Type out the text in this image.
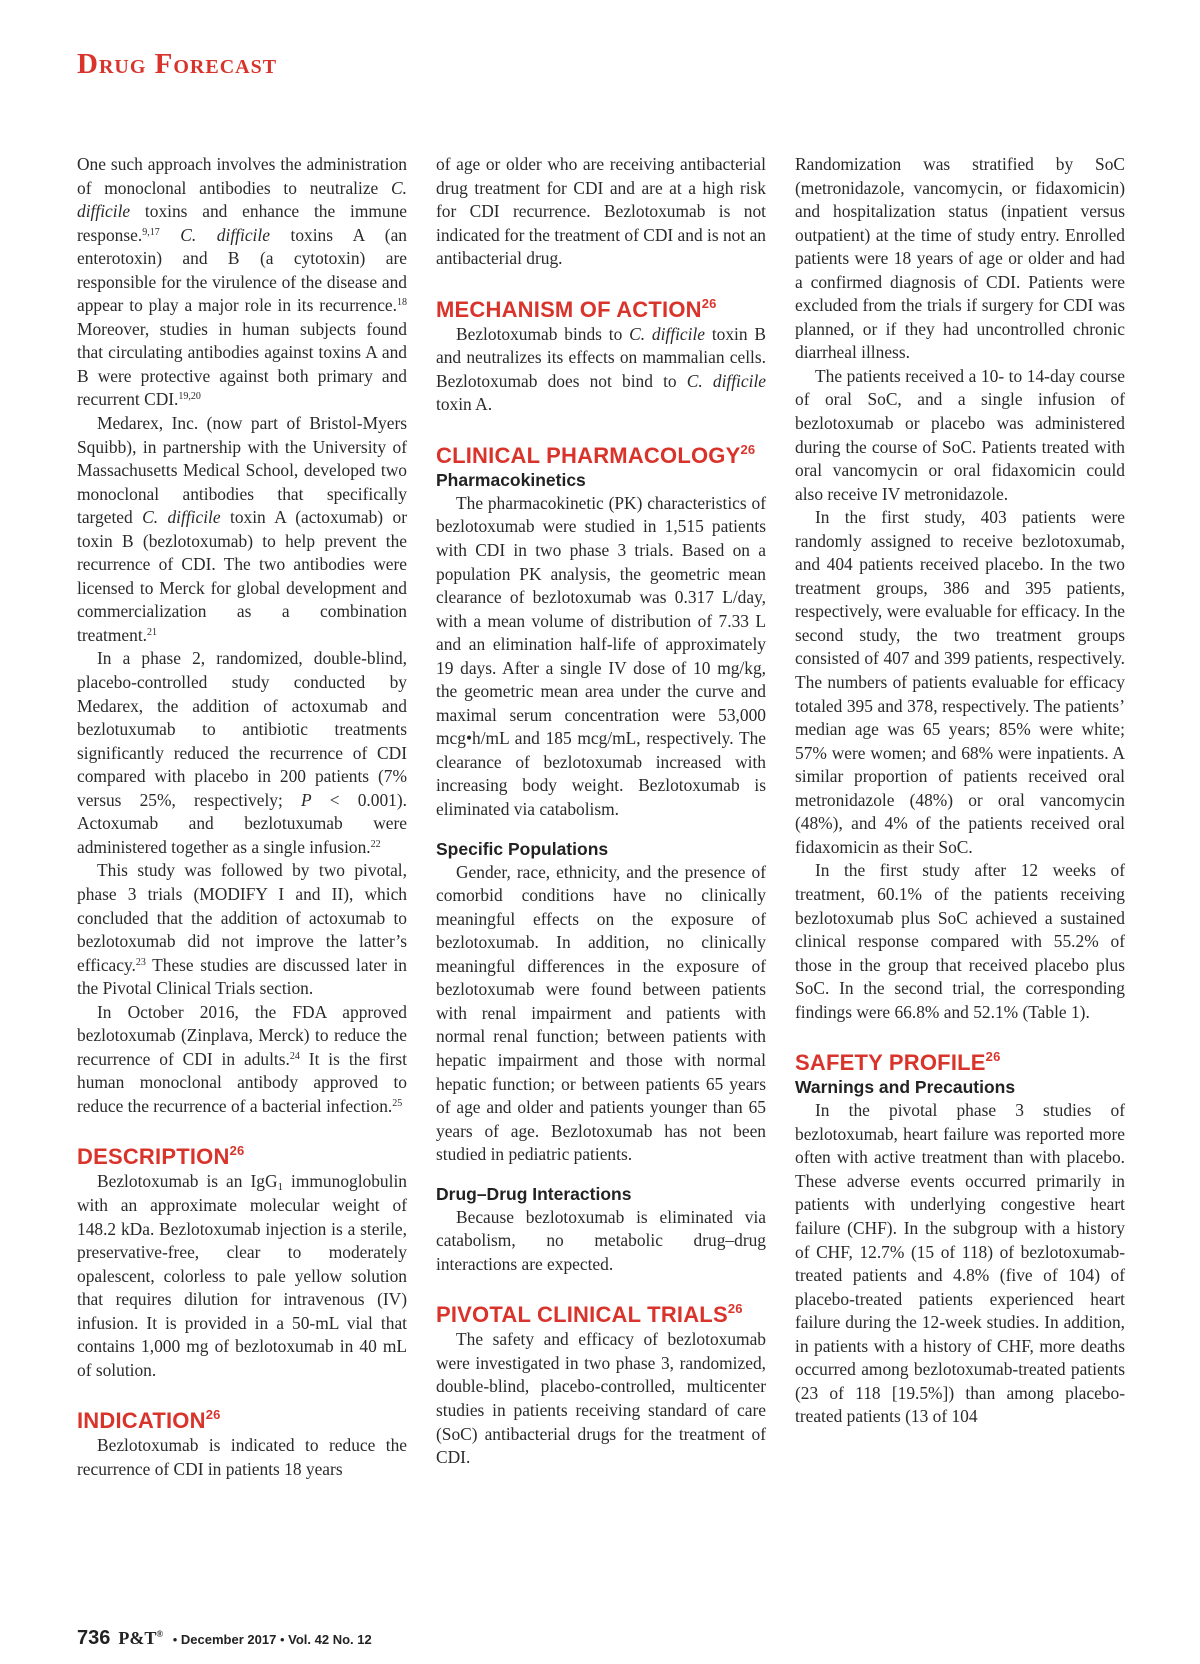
Drug Forecast

One such approach involves the administration of monoclonal antibodies to neutralize C. difficile toxins and enhance the immune response.$^{9,17}$ C. difficile toxins A (an enterotoxin) and B (a cytotoxin) are responsible for the virulence of the disease and appear to play a major role in its recurrence.$^{18}$ Moreover, studies in human subjects found that circulating antibodies against toxins A and B were protective against both primary and recurrent CDI.$^{19,20}$

Medarex, Inc. (now part of Bristol-Myers Squibb), in partnership with the University of Massachusetts Medical School, developed two monoclonal antibodies that specifically targeted C. difficile toxin A (actoxumab) or toxin B (bezlotoxumab) to help prevent the recurrence of CDI. The two antibodies were licensed to Merck for global development and commercialization as a combination treatment.$^{21}$

In a phase 2, randomized, double-blind, placebo-controlled study conducted by Medarex, the addition of actoxumab and bezlotuxumab to antibiotic treatments significantly reduced the recurrence of CDI compared with placebo in 200 patients (7% versus 25%, respectively; P < 0.001). Actoxumab and bezlotuxumab were administered together as a single infusion.$^{22}$

This study was followed by two pivotal, phase 3 trials (MODIFY I and II), which concluded that the addition of actoxumab to bezlotoxumab did not improve the latter’s efficacy.$^{23}$ These studies are discussed later in the Pivotal Clinical Trials section.

In October 2016, the FDA approved bezlotoxumab (Zinplava, Merck) to reduce the recurrence of CDI in adults.$^{24}$ It is the first human monoclonal antibody approved to reduce the recurrence of a bacterial infection.$^{25}$

DESCRIPTION$^{26}$

Bezlotoxumab is an IgG$_1$ immunoglobulin with an approximate molecular weight of 148.2 kDa. Bezlotoxumab injection is a sterile, preservative-free, clear to moderately opalescent, colorless to pale yellow solution that requires dilution for intravenous (IV) infusion. It is provided in a 50-mL vial that contains 1,000 mg of bezlotoxumab in 40 mL of solution.

INDICATION$^{26}$

Bezlotoxumab is indicated to reduce the recurrence of CDI in patients 18 years

of age or older who are receiving antibacterial drug treatment for CDI and are at a high risk for CDI recurrence. Bezlotoxumab is not indicated for the treatment of CDI and is not an antibacterial drug.

MECHANISM OF ACTION$^{26}$

Bezlotoxumab binds to C. difficile toxin B and neutralizes its effects on mammalian cells. Bezlotoxumab does not bind to C. difficile toxin A.

CLINICAL PHARMACOLOGY$^{26}$
Pharmacokinetics

The pharmacokinetic (PK) characteristics of bezlotoxumab were studied in 1,515 patients with CDI in two phase 3 trials. Based on a population PK analysis, the geometric mean clearance of bezlotoxumab was 0.317 L/day, with a mean volume of distribution of 7.33 L and an elimination half-life of approximately 19 days. After a single IV dose of 10 mg/kg, the geometric mean area under the curve and maximal serum concentration were 53,000 mcg•h/mL and 185 mcg/mL, respectively. The clearance of bezlotoxumab increased with increasing body weight. Bezlotoxumab is eliminated via catabolism.

Specific Populations

Gender, race, ethnicity, and the presence of comorbid conditions have no clinically meaningful effects on the exposure of bezlotoxumab. In addition, no clinically meaningful differences in the exposure of bezlotoxumab were found between patients with renal impairment and patients with normal renal function; between patients with hepatic impairment and those with normal hepatic function; or between patients 65 years of age and older and patients younger than 65 years of age. Bezlotoxumab has not been studied in pediatric patients.

Drug–Drug Interactions

Because bezlotoxumab is eliminated via catabolism, no metabolic drug–drug interactions are expected.

PIVOTAL CLINICAL TRIALS$^{26}$

The safety and efficacy of bezlotoxumab were investigated in two phase 3, randomized, double-blind, placebo-controlled, multicenter studies in patients receiving standard of care (SoC) antibacterial drugs for the treatment of CDI.

Randomization was stratified by SoC (metronidazole, vancomycin, or fidaxomicin) and hospitalization status (inpatient versus outpatient) at the time of study entry. Enrolled patients were 18 years of age or older and had a confirmed diagnosis of CDI. Patients were excluded from the trials if surgery for CDI was planned, or if they had uncontrolled chronic diarrheal illness.

The patients received a 10- to 14-day course of oral SoC, and a single infusion of bezlotoxumab or placebo was administered during the course of SoC. Patients treated with oral vancomycin or oral fidaxomicin could also receive IV metronidazole.

In the first study, 403 patients were randomly assigned to receive bezlotoxumab, and 404 patients received placebo. In the two treatment groups, 386 and 395 patients, respectively, were evaluable for efficacy. In the second study, the two treatment groups consisted of 407 and 399 patients, respectively. The numbers of patients evaluable for efficacy totaled 395 and 378, respectively. The patients’ median age was 65 years; 85% were white; 57% were women; and 68% were inpatients. A similar proportion of patients received oral metronidazole (48%) or oral vancomycin (48%), and 4% of the patients received oral fidaxomicin as their SoC.

In the first study after 12 weeks of treatment, 60.1% of the patients receiving bezlotoxumab plus SoC achieved a sustained clinical response compared with 55.2% of those in the group that received placebo plus SoC. In the second trial, the corresponding findings were 66.8% and 52.1% (Table 1).

SAFETY PROFILE$^{26}$
Warnings and Precautions

In the pivotal phase 3 studies of bezlotoxumab, heart failure was reported more often with active treatment than with placebo. These adverse events occurred primarily in patients with underlying congestive heart failure (CHF). In the subgroup with a history of CHF, 12.7% (15 of 118) of bezlotoxumab-treated patients and 4.8% (five of 104) of placebo-treated patients experienced heart failure during the 12-week studies. In addition, in patients with a history of CHF, more deaths occurred among bezlotoxumab-treated patients (23 of 118 [19.5%]) than among placebo-treated patients (13 of 104

736 P&T® • December 2017 • Vol. 42 No. 12
